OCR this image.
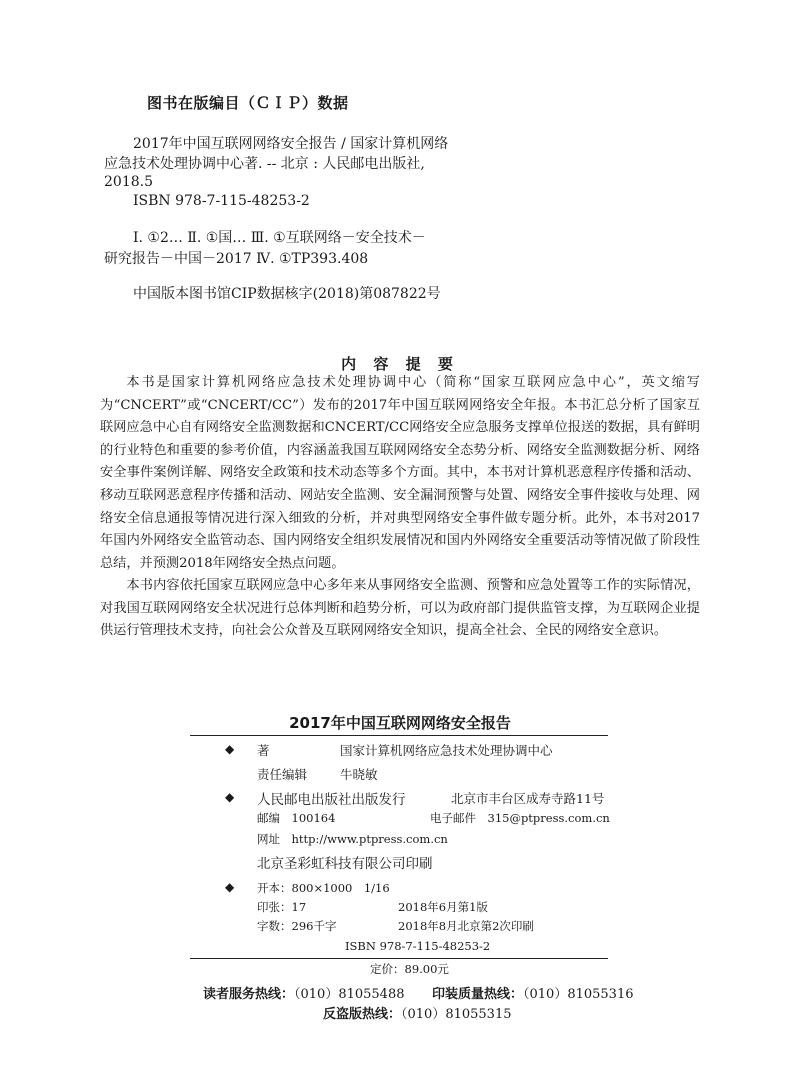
图书在版编目（ＣＩＰ）数据
2017年中国互联网网络安全报告 / 国家计算机网络
应急技术处理协调中心著. -- 北京 : 人民邮电出版社,
2018.5
ISBN 978-7-115-48253-2
Ⅰ. ①2… Ⅱ. ①国… Ⅲ. ①互联网络－安全技术－
研究报告－中国－2017 Ⅳ. ①TP393.408
中国版本图书馆CIP数据核字(2018)第087822号
内 容 提 要

本书是国家计算机网络应急技术处理协调中心（简称“国家互联网应急中心”，英文缩写为“CNCERT”或“CNCERT/CC”）发布的2017年中国互联网网络安全年报。本书汇总分析了国家互联网应急中心自有网络安全监测数据和CNCERT/CC网络安全应急服务支撑单位报送的数据，具有鲜明的行业特色和重要的参考价值，内容涵盖我国互联网网络安全态势分析、网络安全监测数据分析、网络安全事件案例详解、网络安全政策和技术动态等多个方面。其中，本书对计算机恶意程序传播和活动、移动互联网恶意程序传播和活动、网站安全监测、安全漏洞预警与处置、网络安全事件接收与处理、网络安全信息通报等情况进行深入细致的分析，并对典型网络安全事件做专题分析。此外，本书对2017年国内外网络安全监管动态、国内网络安全组织发展情况和国内外网络安全重要活动等情况做了阶段性总结，并预测2018年网络安全热点问题。

本书内容依托国家互联网应急中心多年来从事网络安全监测、预警和应急处置等工作的实际情况，对我国互联网网络安全状况进行总体判断和趋势分析，可以为政府部门提供监管支撑，为互联网企业提供运行管理技术支持，向社会公众普及互联网网络安全知识，提高全社会、全民的网络安全意识。

2017年中国互联网网络安全报告
◆ 著	国家计算机网络应急技术处理协调中心
责任编辑	牛晓敏
◆ 人民邮电出版社出版发行	北京市丰台区成寿寺路11号
邮编　100164	电子邮件　315@ptpress.com.cn
网址　http://www.ptpress.com.cn
北京圣彩虹科技有限公司印刷
◆ 开本：800×1000　1/16
印张：17	2018年6月第1版
字数：296千字	2018年8月北京第2次印刷
ISBN 978-7-115-48253-2
定价：89.00元
读者服务热线：（010）81055488 印装质量热线：（010）81055316
反盗版热线：（010）81055315
